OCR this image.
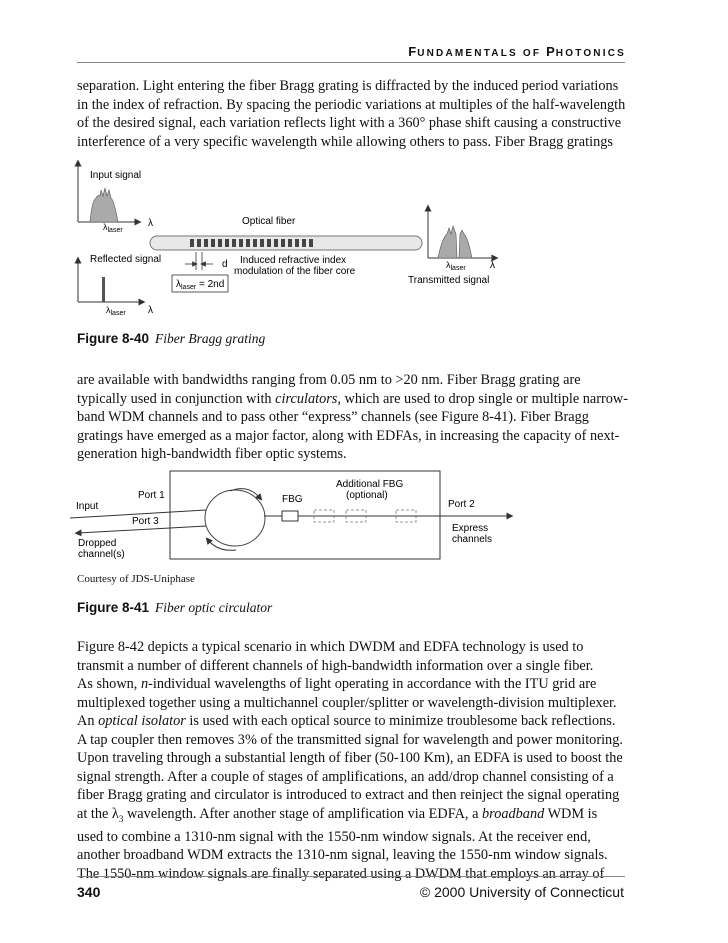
FUNDAMENTALS OF PHOTONICS
separation. Light entering the fiber Bragg grating is diffracted by the induced period variations
in the index of refraction. By spacing the periodic variations at multiples of the half-wavelength
of the desired signal, each variation reflects light with a 360° phase shift causing a constructive
interference of a very specific wavelength while allowing others to pass. Fiber Bragg gratings
Input signal
λ
$\lambda_{laser}$
Optical fiber
Reflected signal
$\lambda_{laser}$ λ
d Induced refractive index
modulation of the fiber core
$\lambda_{laser} = 2nd$
$\lambda_{laser}$ λ
Transmitted signal
Figure 8-40 Fiber Bragg grating
are available with bandwidths ranging from 0.05 nm to >20 nm. Fiber Bragg grating are
typically used in conjunction with circulators, which are used to drop single or multiple narrow-
band WDM channels and to pass other “express” channels (see Figure 8-41). Fiber Bragg
gratings have emerged as a major factor, along with EDFAs, in increasing the capacity of next-
generation high-bandwidth fiber optic systems.
Input
Port 1
Port 3
FBG
Additional FBG
(optional)
Port 2
Express
channels
Dropped
channel(s)
Courtesy of JDS-Uniphase
Figure 8-41 Fiber optic circulator
Figure 8-42 depicts a typical scenario in which DWDM and EDFA technology is used to
transmit a number of different channels of high-bandwidth information over a single fiber.
As shown, n-individual wavelengths of light operating in accordance with the ITU grid are
multiplexed together using a multichannel coupler/splitter or wavelength-division multiplexer.
An optical isolator is used with each optical source to minimize troublesome back reflections.
A tap coupler then removes 3% of the transmitted signal for wavelength and power monitoring.
Upon traveling through a substantial length of fiber (50-100 Km), an EDFA is used to boost the
signal strength. After a couple of stages of amplifications, an add/drop channel consisting of a
fiber Bragg grating and circulator is introduced to extract and then reinject the signal operating
at the $\lambda_3$ wavelength. After another stage of amplification via EDFA, a broadband WDM is
used to combine a 1310-nm signal with the 1550-nm window signals. At the receiver end,
another broadband WDM extracts the 1310-nm signal, leaving the 1550-nm window signals.
The 1550-nm window signals are finally separated using a DWDM that employs an array of
340	© 2000 University of Connecticut
